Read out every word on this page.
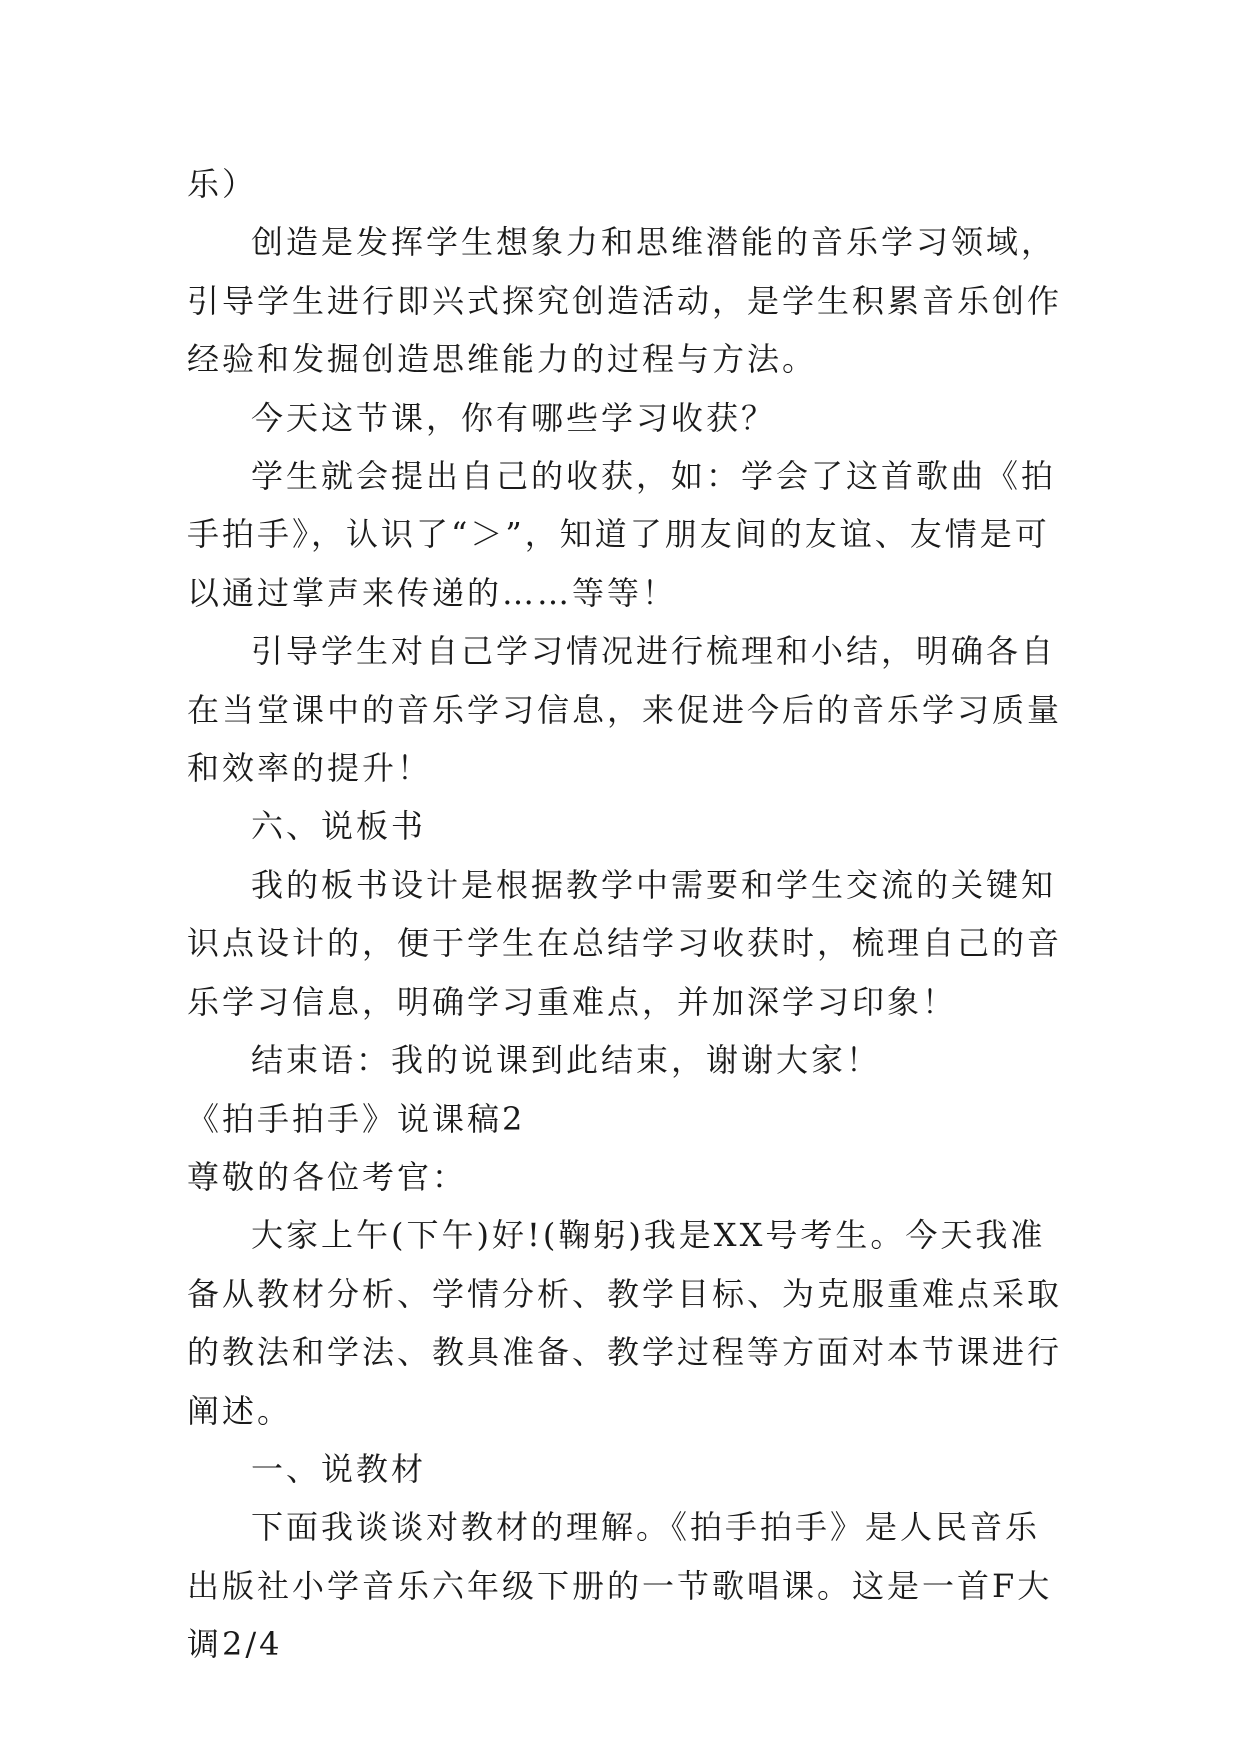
乐）

创造是发挥学生想象力和思维潜能的音乐学习领域，引导学生进行即兴式探究创造活动，是学生积累音乐创作经验和发掘创造思维能力的过程与方法。

今天这节课，你有哪些学习收获？

学生就会提出自己的收获，如：学会了这首歌曲《拍手拍手》，认识了“＞”，知道了朋友间的友谊、友情是可以通过掌声来传递的……等等！

引导学生对自己学习情况进行梳理和小结，明确各自在当堂课中的音乐学习信息，来促进今后的音乐学习质量和效率的提升！

六、说板书

我的板书设计是根据教学中需要和学生交流的关键知识点设计的，便于学生在总结学习收获时，梳理自己的音乐学习信息，明确学习重难点，并加深学习印象！

结束语：我的说课到此结束，谢谢大家！

《拍手拍手》说课稿2

尊敬的各位考官：

大家上午(下午)好!(鞠躬)我是XX号考生。今天我准备从教材分析、学情分析、教学目标、为克服重难点采取的教法和学法、教具准备、教学过程等方面对本节课进行阐述。

一、说教材

下面我谈谈对教材的理解。《拍手拍手》是人民音乐出版社小学音乐六年级下册的一节歌唱课。这是一首F大调2/4
